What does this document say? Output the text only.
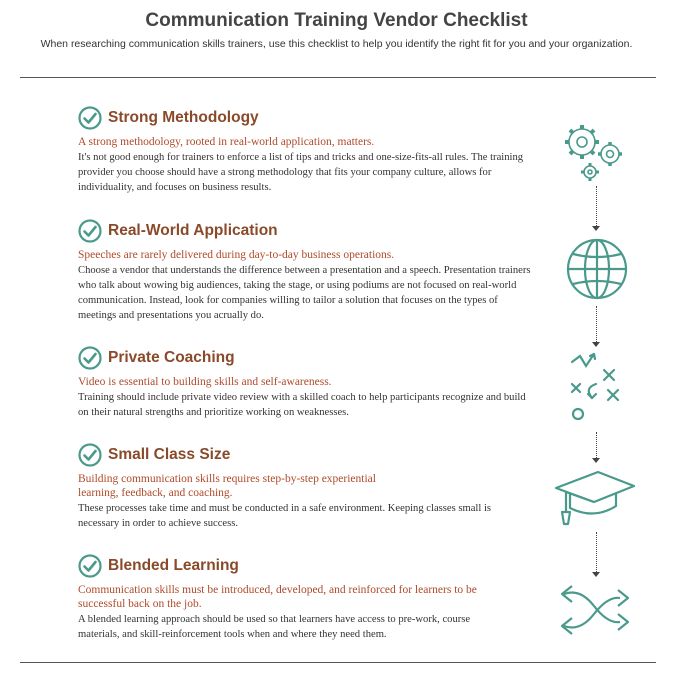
Communication Training Vendor Checklist
When researching communication skills trainers, use this checklist to help you identify the right fit for you and your organization.
Strong Methodology
A strong methodology, rooted in real-world application, matters.
It's not good enough for trainers to enforce a list of tips and tricks and one-size-fits-all rules. The training provider you choose should have a strong methodology that fits your company culture, allows for individuality, and focuses on business results.
Real-World Application
Speeches are rarely delivered during day-to-day business operations.
Choose a vendor that understands the difference between a presentation and a speech. Presentation trainers who talk about wowing big audiences, taking the stage, or using podiums are not focused on real-world communication. Instead, look for companies willing to tailor a solution that focuses on the types of meetings and presentations you acrually do.
Private Coaching
Video is essential to building skills and self-awareness.
Training should include private video review with a skilled coach to help participants recognize and build on their natural strengths and prioritize working on weaknesses.
Small Class Size
Building communication skills requires step-by-step experiential learning, feedback, and coaching.
These processes take time and must be conducted in a safe environment. Keeping classes small is necessary in order to achieve success.
Blended Learning
Communication skills must be introduced, developed, and reinforced for learners to be successful back on the job.
A blended learning approach should be used so that learners have access to pre-work, course materials, and skill-reinforcement tools when and where they need them.
